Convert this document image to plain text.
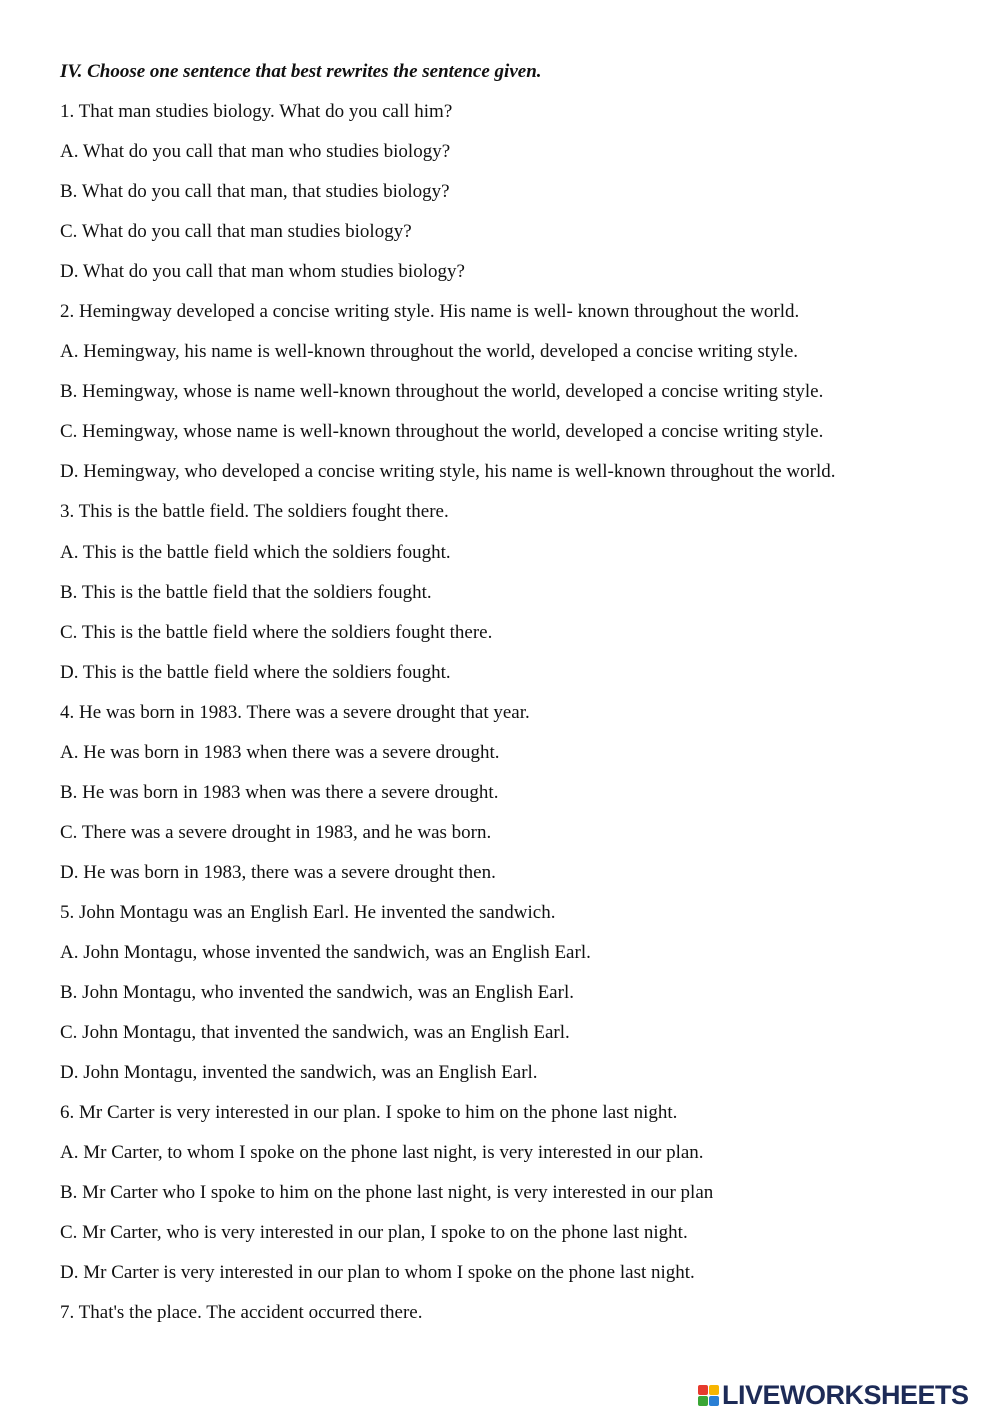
IV. Choose one sentence that best rewrites the sentence given.
1. That man studies biology. What do you call him?
A. What do you call that man who studies biology?
B. What do you call that man, that studies biology?
C. What do you call that man studies biology?
D. What do you call that man whom studies biology?
2. Hemingway developed a concise writing style. His name is well- known throughout the world.
A. Hemingway, his name is well-known throughout the world, developed a concise writing style.
B. Hemingway, whose is name well-known throughout the world, developed a concise writing style.
C. Hemingway, whose name is well-known throughout the world, developed a concise writing style.
D. Hemingway, who developed a concise writing style, his name is well-known throughout the world.
3. This is the battle field. The soldiers fought there.
A. This is the battle field which the soldiers fought.
B. This is the battle field that the soldiers fought.
C. This is the battle field where the soldiers fought there.
D. This is the battle field where the soldiers fought.
4. He was born in 1983. There was a severe drought that year.
A. He was born in 1983 when there was a severe drought.
B. He was born in 1983 when was there a severe drought.
C. There was a severe drought in 1983, and he was born.
D. He was born in 1983, there was a severe drought then.
5. John Montagu was an English Earl. He invented the sandwich.
A. John Montagu, whose invented the sandwich, was an English Earl.
B. John Montagu, who invented the sandwich, was an English Earl.
C. John Montagu, that invented the sandwich, was an English Earl.
D. John Montagu, invented the sandwich, was an English Earl.
6. Mr Carter is very interested in our plan. I spoke to him on the phone last night.
A. Mr Carter, to whom I spoke on the phone last night, is very interested in our plan.
B. Mr Carter who I spoke to him on the phone last night, is very interested in our plan
C. Mr Carter, who is very interested in our plan, I spoke to on the phone last night.
D. Mr Carter is very interested in our plan to whom I spoke on the phone last night.
7. That's the place. The accident occurred there.
LIVEWORKSHEETS
